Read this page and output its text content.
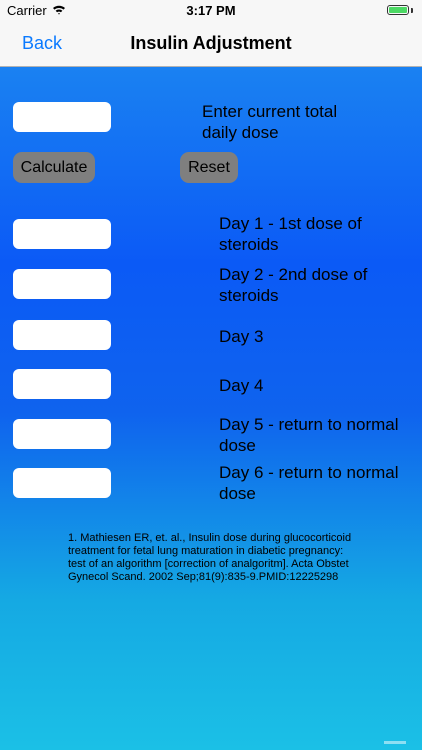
Carrier	3:17 PM
Back	Insulin Adjustment
Enter current total daily dose
Calculate	Reset
Day 1 - 1st dose of steroids
Day 2 - 2nd dose of steroids
Day 3
Day 4
Day 5 - return to normal dose
Day 6 - return to normal dose
1. Mathiesen ER, et. al., Insulin dose during glucocorticoid treatment for fetal lung maturation in diabetic pregnancy: test of an algorithm [correction of analgoritm]. Acta Obstet Gynecol Scand. 2002 Sep;81(9):835-9.PMID:12225298
